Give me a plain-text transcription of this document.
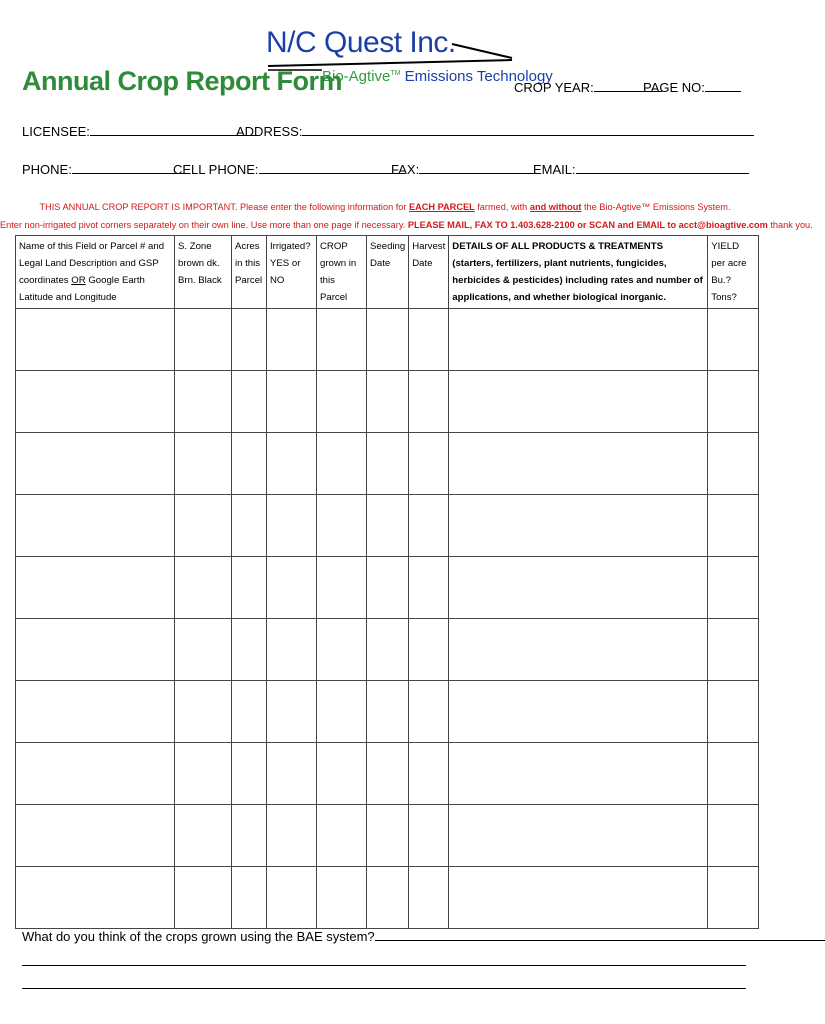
N/C Quest Inc.
Bio-Agtive™ Emissions Technology
Annual Crop Report Form	CROP YEAR:	PAGE NO:
LICENSEE:	ADDRESS:
PHONE:	CELL PHONE:	FAX:	EMAIL:
THIS ANNUAL CROP REPORT IS IMPORTANT. Please enter the following information for EACH PARCEL farmed, with and without the Bio-Agtive™ Emissions System.
Enter non-irrigated pivot corners separately on their own line. Use more than one page if necessary. PLEASE MAIL, FAX TO 1.403.628-2100 or SCAN and EMAIL to acct@bioagtive.com thank you.
Name of this Field or Parcel # and Legal Land Description and GSP coordinates OR Google Earth Latitude and Longitude	S. Zone brown dk. Brn. Black	Acres in this Parcel	Irrigated? YES or NO	CROP grown in this Parcel	Seeding Date	Harvest Date	DETAILS OF ALL PRODUCTS & TREATMENTS (starters, fertilizers, plant nutrients, fungicides, herbicides & pesticides) including rates and number of applications, and whether biological inorganic.	YIELD per acre Bu.? Tons?

What do you think of the crops grown using the BAE system?
